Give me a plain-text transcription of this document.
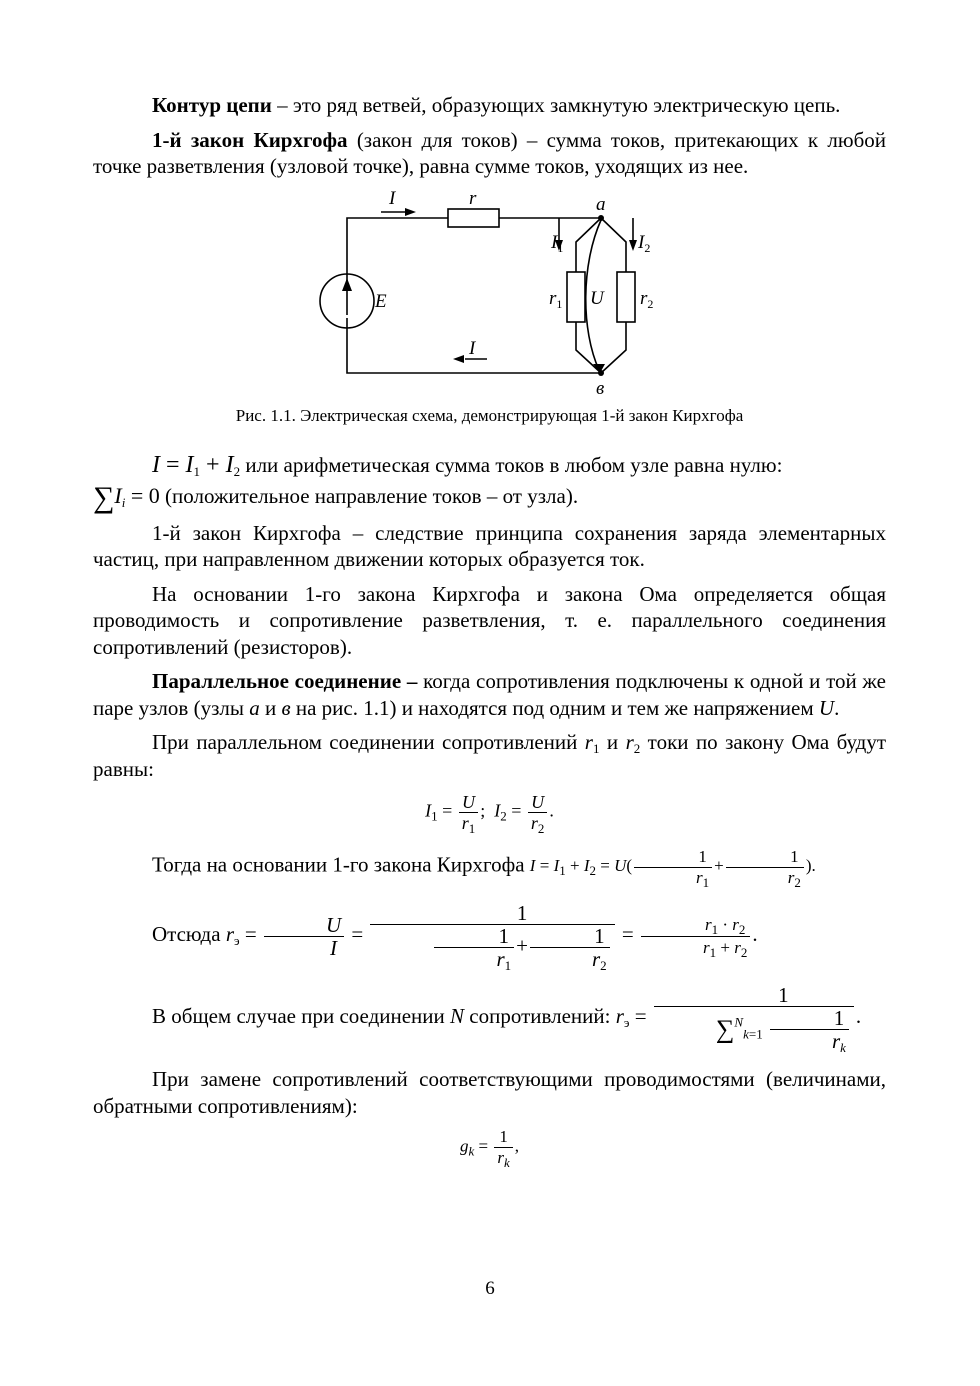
Контур цепи – это ряд ветвей, образующих замкнутую электрическую цепь.

1-й закон Кирхгофа (закон для токов) – сумма токов, притекающих к любой точке разветвления (узловой точке), равна сумме токов, уходящих из нее.

I	r	a
$I_1$	$I_2$
E	$r_1$ U $r_2$
I
в
Рис. 1.1. Электрическая схема, демонстрирующая 1-й закон Кирхгофа

$I = I_1 + I_2$ или арифметическая сумма токов в любом узле равна нулю:

$\sum I_i = 0$ (положительное направление токов – от узла).

1-й закон Кирхгофа – следствие принципа сохранения заряда элементарных частиц, при направленном движении которых образуется ток.

На основании 1-го закона Кирхгофа и закона Ома определяется общая проводимость и сопротивление разветвления, т. е. параллельного соединения сопротивлений (резисторов).

Параллельное соединение – когда сопротивления подключены к одной и той же паре узлов (узлы а и в на рис. 1.1) и находятся под одним и тем же напряжением U.

При параллельном соединении сопротивлений $r_1$ и $r_2$ токи по закону Ома будут равны:

$I_1 = \frac{U}{r_1}$ ;  $I_2 = \frac{U}{r_2}$ .

Тогда на основании 1-го закона Кирхгофа $I = I_1 + I_2 = U( \frac{1}{r_1} + \frac{1}{r_2}$ ).

Отсюда $r_э = \frac{U}{I} = \frac{1}{\frac{1}{r_1} + \frac{1}{r_2}} = \frac{r_1 \cdot r_2}{r_1 + r_2}$ .

В общем случае при соединении N сопротивлений: $r_э = \frac{1}{\sum^N_{k=1} \frac{1}{r_k}}$ .

При замене сопротивлений соответствующими проводимостями (величинами, обратными сопротивлениям):

$g_k = \frac{1}{r_k}$ ,
6
